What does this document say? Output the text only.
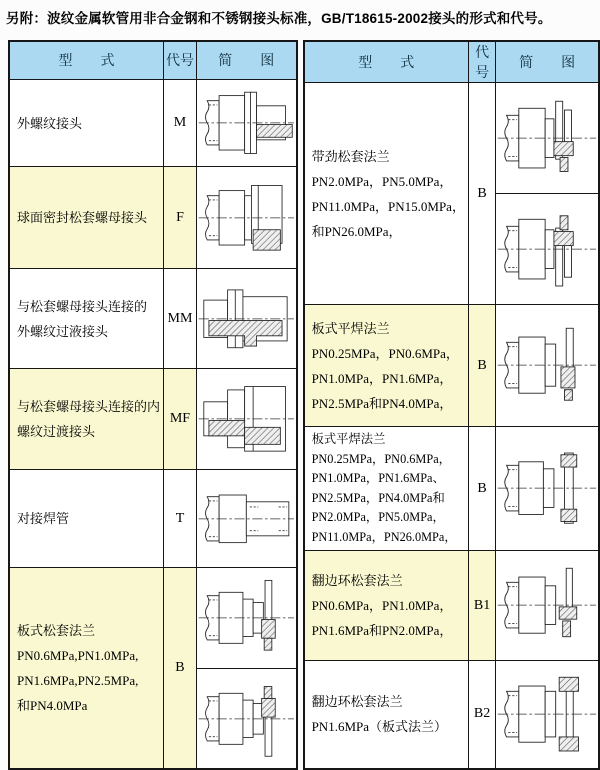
另附：波纹金属软管用非合金钢和不锈钢接头标准，GB/T18615-2002接头的形式和代号。
型　　式	代号	简　　图

外螺纹接头	M	

球面密封松套螺母接头	F	

与松套螺母接头连接的
外螺纹过液接头	MM	

与松套螺母接头连接的内
螺纹过渡接头	MF	

对接焊管	T	

板式松套法兰
PN0.6MPa,PN1.0MPa,
PN1.6MPa,PN2.5MPa,
和PN4.0MPa	B	

型　　式	代号	简　　图

带劲松套法兰
PN2.0MPa，PN5.0MPa，
PN11.0MPa，PN15.0MPa，
和PN26.0MPa，	B	

板式平焊法兰
PN0.25MPa，PN0.6MPa，
PN1.0MPa，PN1.6MPa，
PN2.5MPa和PN4.0MPa，	B	

板式平焊法兰
PN0.25MPa，PN0.6MPa，
PN1.0MPa，PN1.6MPa、
PN2.5MPa，PN4.0MPa和
PN2.0MPa，PN5.0MPa，
PN11.0MPa，PN26.0MPa，
	B	

翻边环松套法兰
PN0.6MPa，PN1.0MPa，
PN1.6MPa和PN2.0MPa，	B1	

翻边环松套法兰
PN1.6MPa（板式法兰）	B2	
